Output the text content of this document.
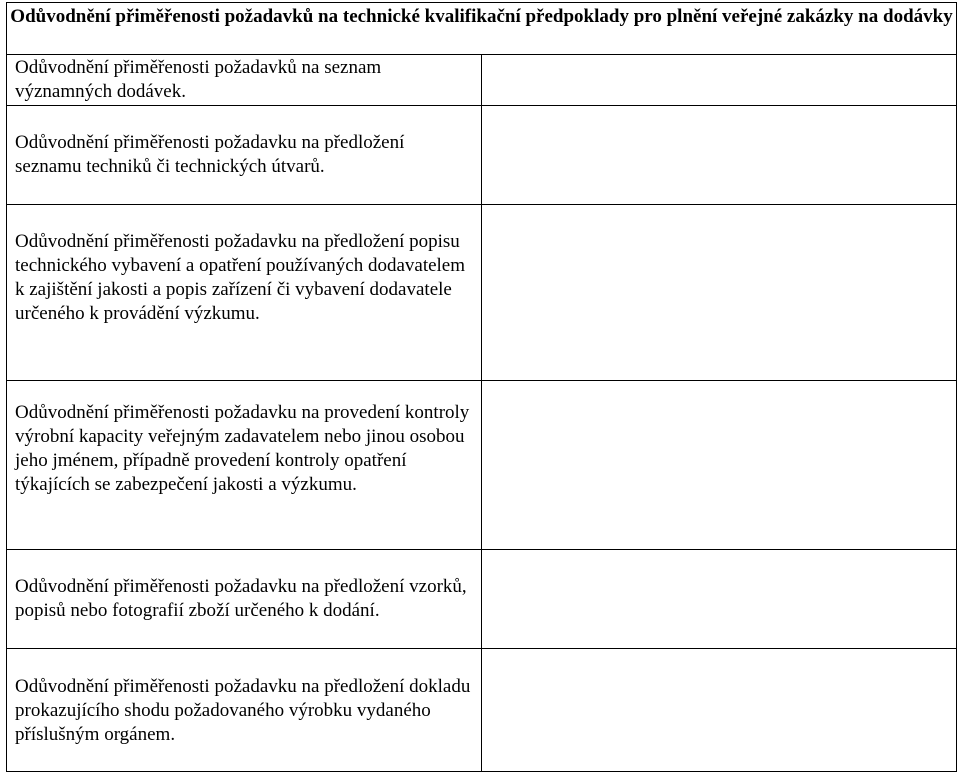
Odůvodnění přiměřenosti požadavků na technické kvalifikační předpoklady pro plnění veřejné zakázky na dodávky	

Odůvodnění přiměřenosti požadavků na seznam významných dodávek.	

Odůvodnění přiměřenosti požadavku na předložení seznamu techniků či technických útvarů.	

Odůvodnění přiměřenosti požadavku na předložení popisu technického vybavení a opatření používaných dodavatelem k zajištění jakosti a popis zařízení či vybavení dodavatele určeného k provádění výzkumu.	

Odůvodnění přiměřenosti požadavku na provedení kontroly výrobní kapacity veřejným zadavatelem nebo jinou osobou jeho jménem, případně provedení kontroly opatření týkajících se zabezpečení jakosti a výzkumu.	

Odůvodnění přiměřenosti požadavku na předložení vzorků, popisů nebo fotografií zboží určeného k dodání.	

Odůvodnění přiměřenosti požadavku na předložení dokladu prokazujícího shodu požadovaného výrobku vydaného příslušným orgánem.	
